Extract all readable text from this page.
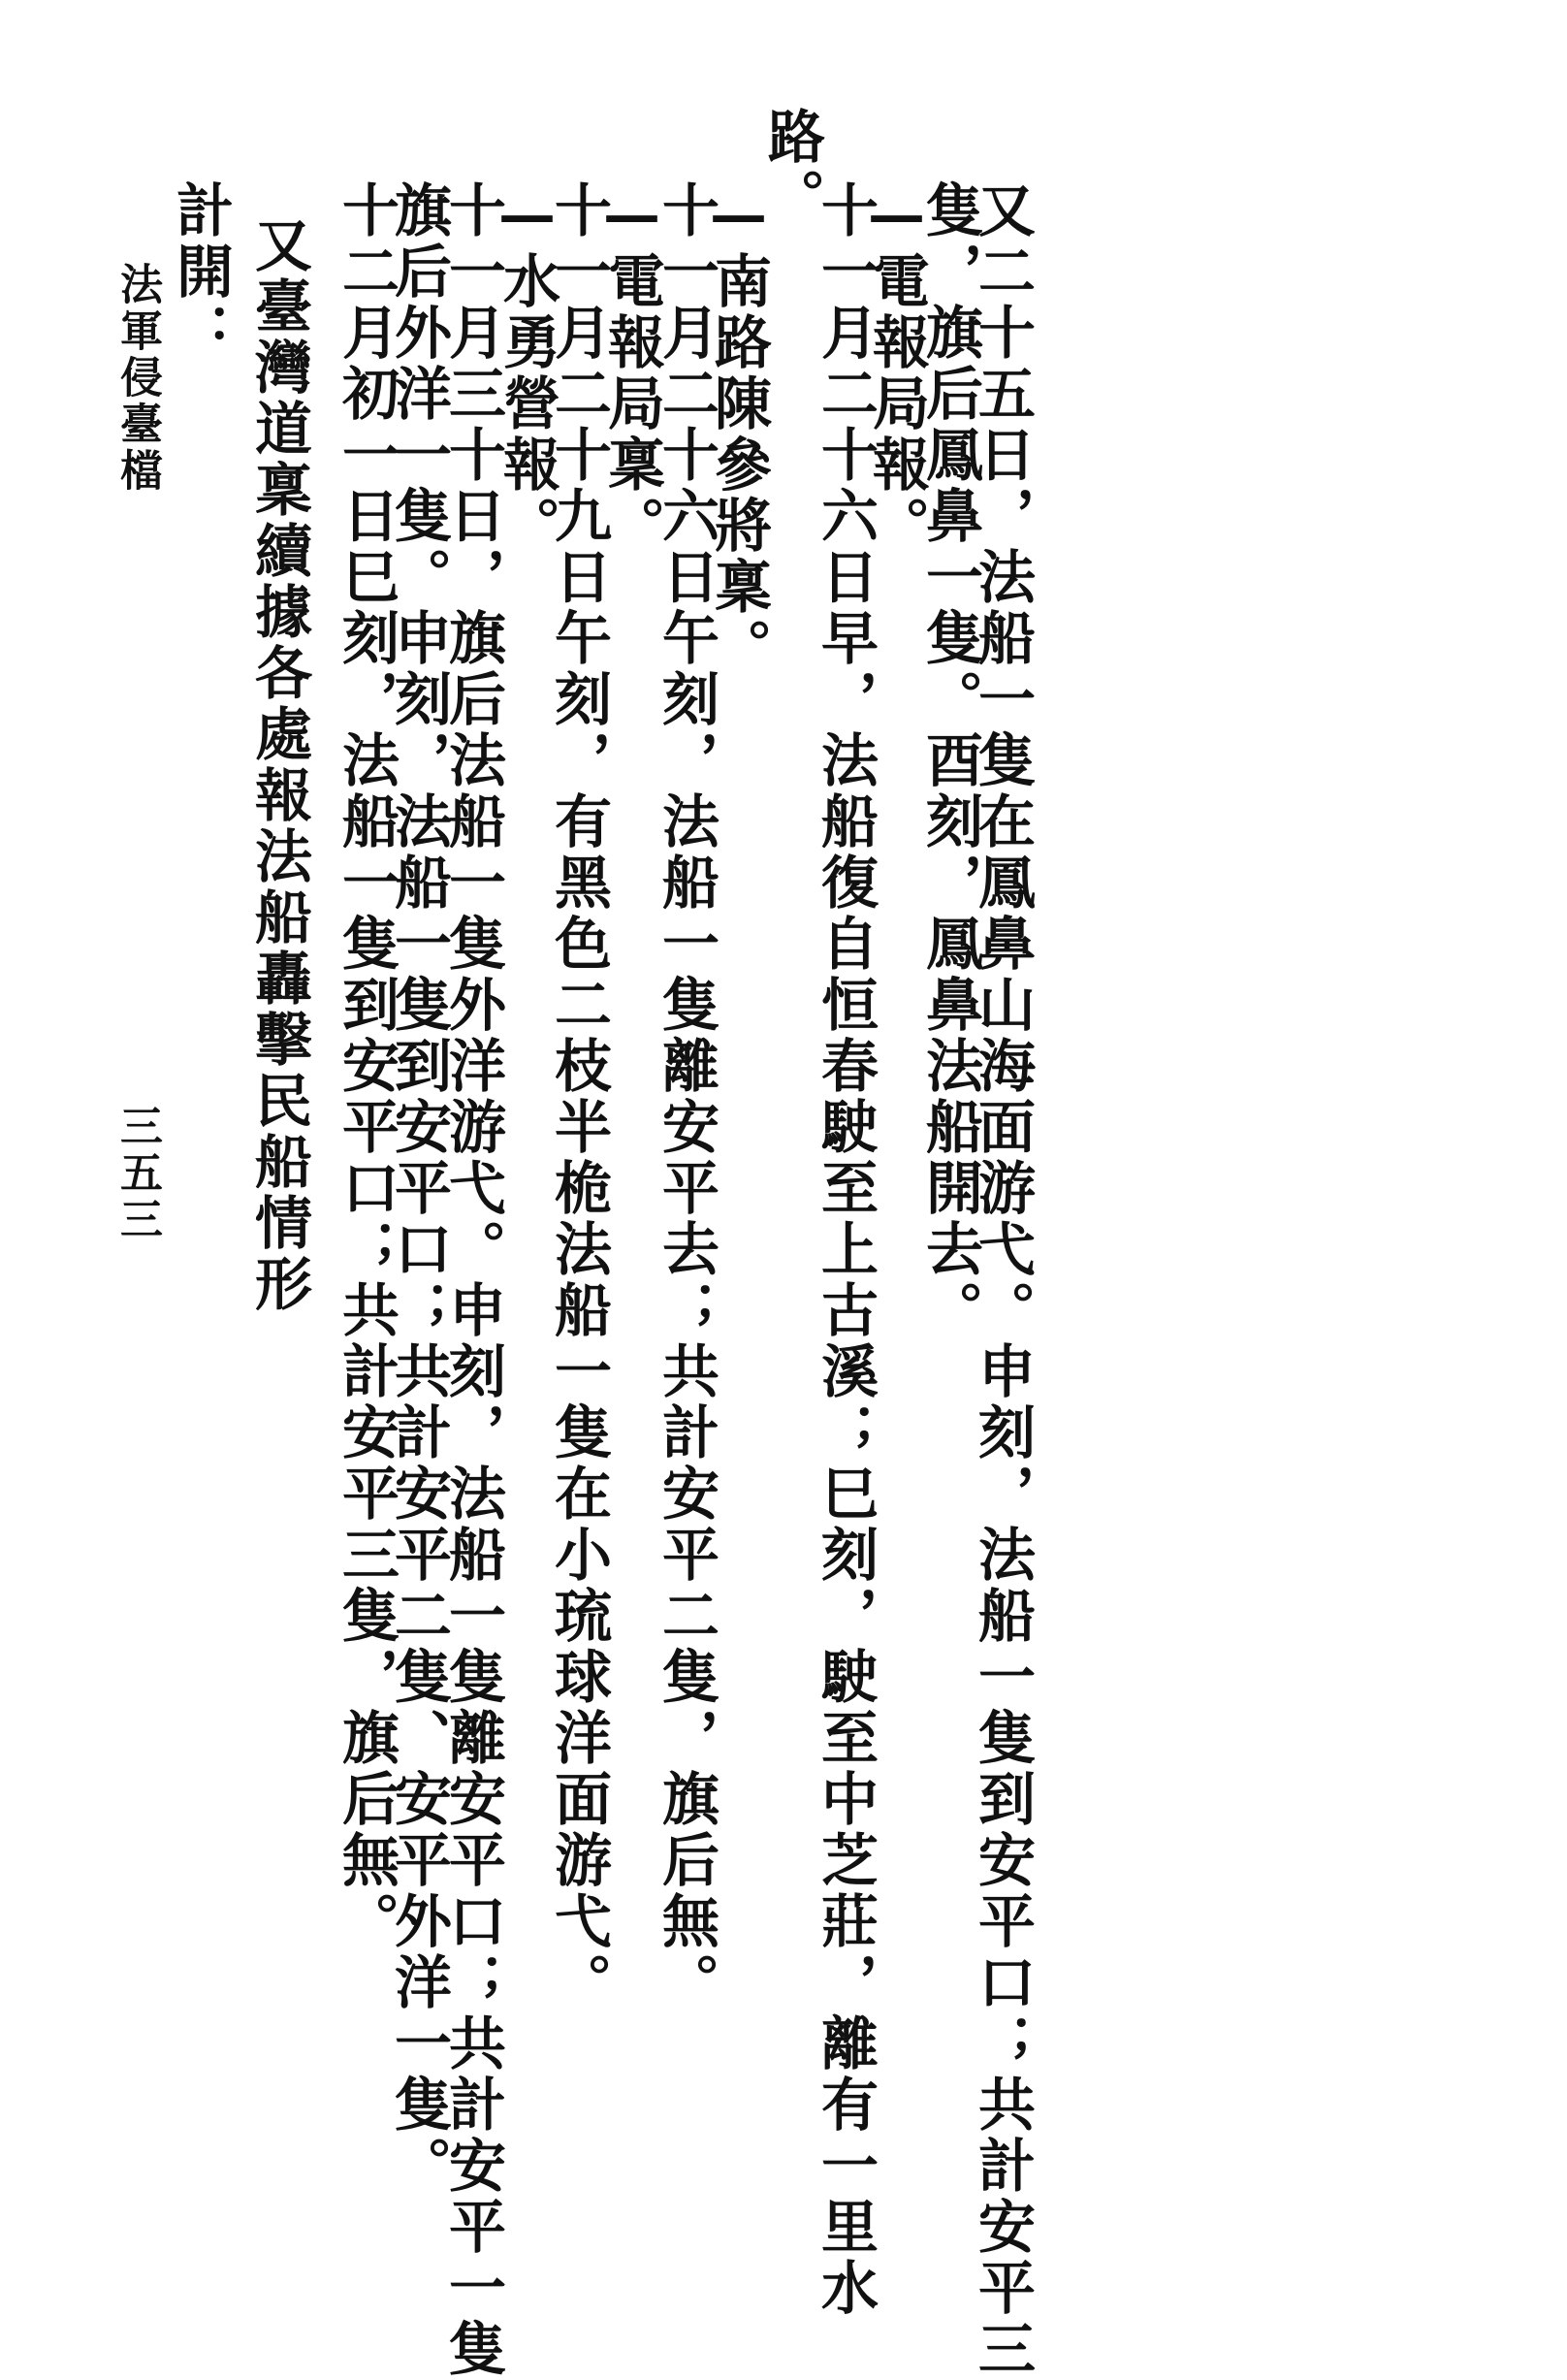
又二十五日，法船一隻在鳳鼻山海面游弋。申刻，法船一隻到安平口；共計安平三
隻，旗后鳳鼻一隻。酉刻，鳳鼻法船開去。
—電報局報。
十一月二十六日早，法船復自恒春駛至上古溪；巳刻，駛至中芝莊，離有一里水
路。
—南路陳參將稟。
十一月二十六日午刻，法船一隻離安平去；共計安平二隻，旗后無。
—電報局稟。
十一月二十九日午刻，有黑色二枝半桅法船一隻在小琉球洋面游弋。
—水勇營報。
十一月三十日，旗后法船一隻外洋游弋。申刻，法船一隻離安平口；共計安平一隻
旗后外洋一隻。申刻，法船一隻到安平口；共計安平二隻、安平外洋一隻。
十二月初一日巳刻，法船一隻到安平口；共計安平三隻，旗后無。
計開： 又臺灣道稟續據各處報法船轟擊民船情形
法軍侵臺檔
三五三
